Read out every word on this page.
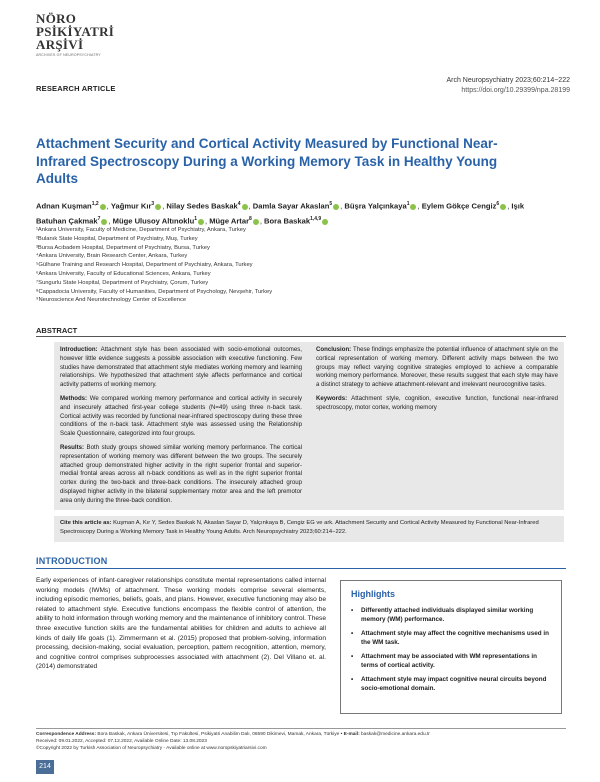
NÖRO
PSİKİYATRİ
ARŞİVİ
ARCHIVES OF NEUROPSYCHIATRY
RESEARCH ARTICLE
Arch Neuropsychiatry 2023;60:214−222
https://doi.org/10.29399/npa.28199
Attachment Security and Cortical Activity Measured by Functional Near-Infrared Spectroscopy During a Working Memory Task in Healthy Young Adults
Adnan Kuşman$^{1,2}$ , Yağmur Kır$^3$ , Nilay Sedes Baskak$^4$ , Damla Sayar Akaslan$^5$ , Büşra Yalçınkaya$^1$ , Eylem Gökçe Cengiz$^6$ , Işık Batuhan Çakmak$^7$ , Müge Ulusoy Altınoklu$^1$ , Müge Artar$^8$ , Bora Baskak$^{1,4,9}$
¹Ankara University, Faculty of Medicine, Department of Psychiatry, Ankara, Turkey
²Bulanık State Hospital, Department of Psychiatry, Muş, Turkey
³Bursa Acıbadem Hospital, Department of Psychiatry, Bursa, Turkey
⁴Ankara University, Brain Research Center, Ankara, Turkey
⁵Gülhane Training and Research Hospital, Department of Psychiatry, Ankara, Turkey
⁶Ankara University, Faculty of Educational Sciences, Ankara, Turkey
⁷Sungurlu State Hospital, Department of Psychiatry, Çorum, Turkey
⁸Cappadocia University, Faculty of Humanities, Department of Psychology, Nevşehir, Turkey
⁹Neuroscience And Neurotechnology Center of Excellence
ABSTRACT

Introduction: Attachment style has been associated with socio-emotional outcomes, however little evidence suggests a possible association with executive functioning. Few studies have demonstrated that attachment style mediates working memory and learning relationships. We hypothesized that attachment style affects performance and cortical activity patterns of working memory.

Methods: We compared working memory performance and cortical activity in securely and insecurely attached first-year college students (N=49) using three n-back task. Cortical activity was recorded by functional near-infrared spectroscopy during these three conditions of the n-back task. Attachment style was assessed using the Relationship Scale Questionnaire, categorized into four groups.

Results: Both study groups showed similar working memory performance. The cortical representation of working memory was different between the two groups. The securely attached group demonstrated higher activity in the right superior frontal and superior-medial frontal areas across all n-back conditions as well as in the right superior frontal cortex during the two-back and three-back conditions. The insecurely attached group displayed higher activity in the bilateral supplementary motor area and the left premotor area only during the three-back condition.

Conclusion: These findings emphasize the potential influence of attachment style on the cortical representation of working memory. Different activity maps between the two groups may reflect varying cognitive strategies employed to achieve a comparable working memory performance. Moreover, these results suggest that each style may have a distinct strategy to achieve attachment-relevant and irrelevant neurocognitive tasks.

Keywords: Attachment style, cognition, executive function, functional near-infrared spectroscopy, motor cortex, working memory

Cite this article as: Kuşman A, Kır Y, Sedes Baskak N, Akaslan Sayar D, Yalçınkaya B, Cengiz EG ve ark. Attachment Security and Cortical Activity Measured by Functional Near-Infrared Spectroscopy During a Working Memory Task in Healthy Young Adults. Arch Neuropsychiatry 2023;60:214−222.
INTRODUCTION
Early experiences of infant-caregiver relationships constitute mental representations called internal working models (IWMs) of attachment. These working models comprise several elements, including episodic memories, beliefs, goals, and plans. However, executive functioning may also be related to attachment style. Executive functions encompass the flexible control of attention, the ability to hold information through working memory and the maintenance of inhibitory control. These three executive function skills are the fundamental abilities for children and adults to achieve all kinds of daily life goals (1). Zimmermann et al. (2015) proposed that problem-solving, information processing, decision-making, social evaluation, perception, pattern recognition, attention, memory, and cognitive control comprises subprocesses associated with attachment (2). Del Villano et. al. (2014) demonstrated
Highlights
• Differently attached individuals displayed similar working memory (WM) performance.
• Attachment style may affect the cognitive mechanisms used in the WM task.
• Attachment may be associated with WM representations in terms of cortical activity.
• Attachment style may impact cognitive neural circuits beyond socio-emotional domain.
Correspondence Address: Bora Baskak, Ankara Üniversitesi, Tıp Fakültesi, Psikiyatri Anabilim Dalı, 06590 Dikimevi, Mamak, Ankara, Türkiye • E-mail: baskak@medicine.ankara.edu.tr
Received: 09.01.2022, Accepted: 07.12.2022, Available Online Date: 13.08.2023
©Copyright 2022 by Turkish Association of Neuropsychiatry - Available online at www.noropskiyatriarsivi.com
214
